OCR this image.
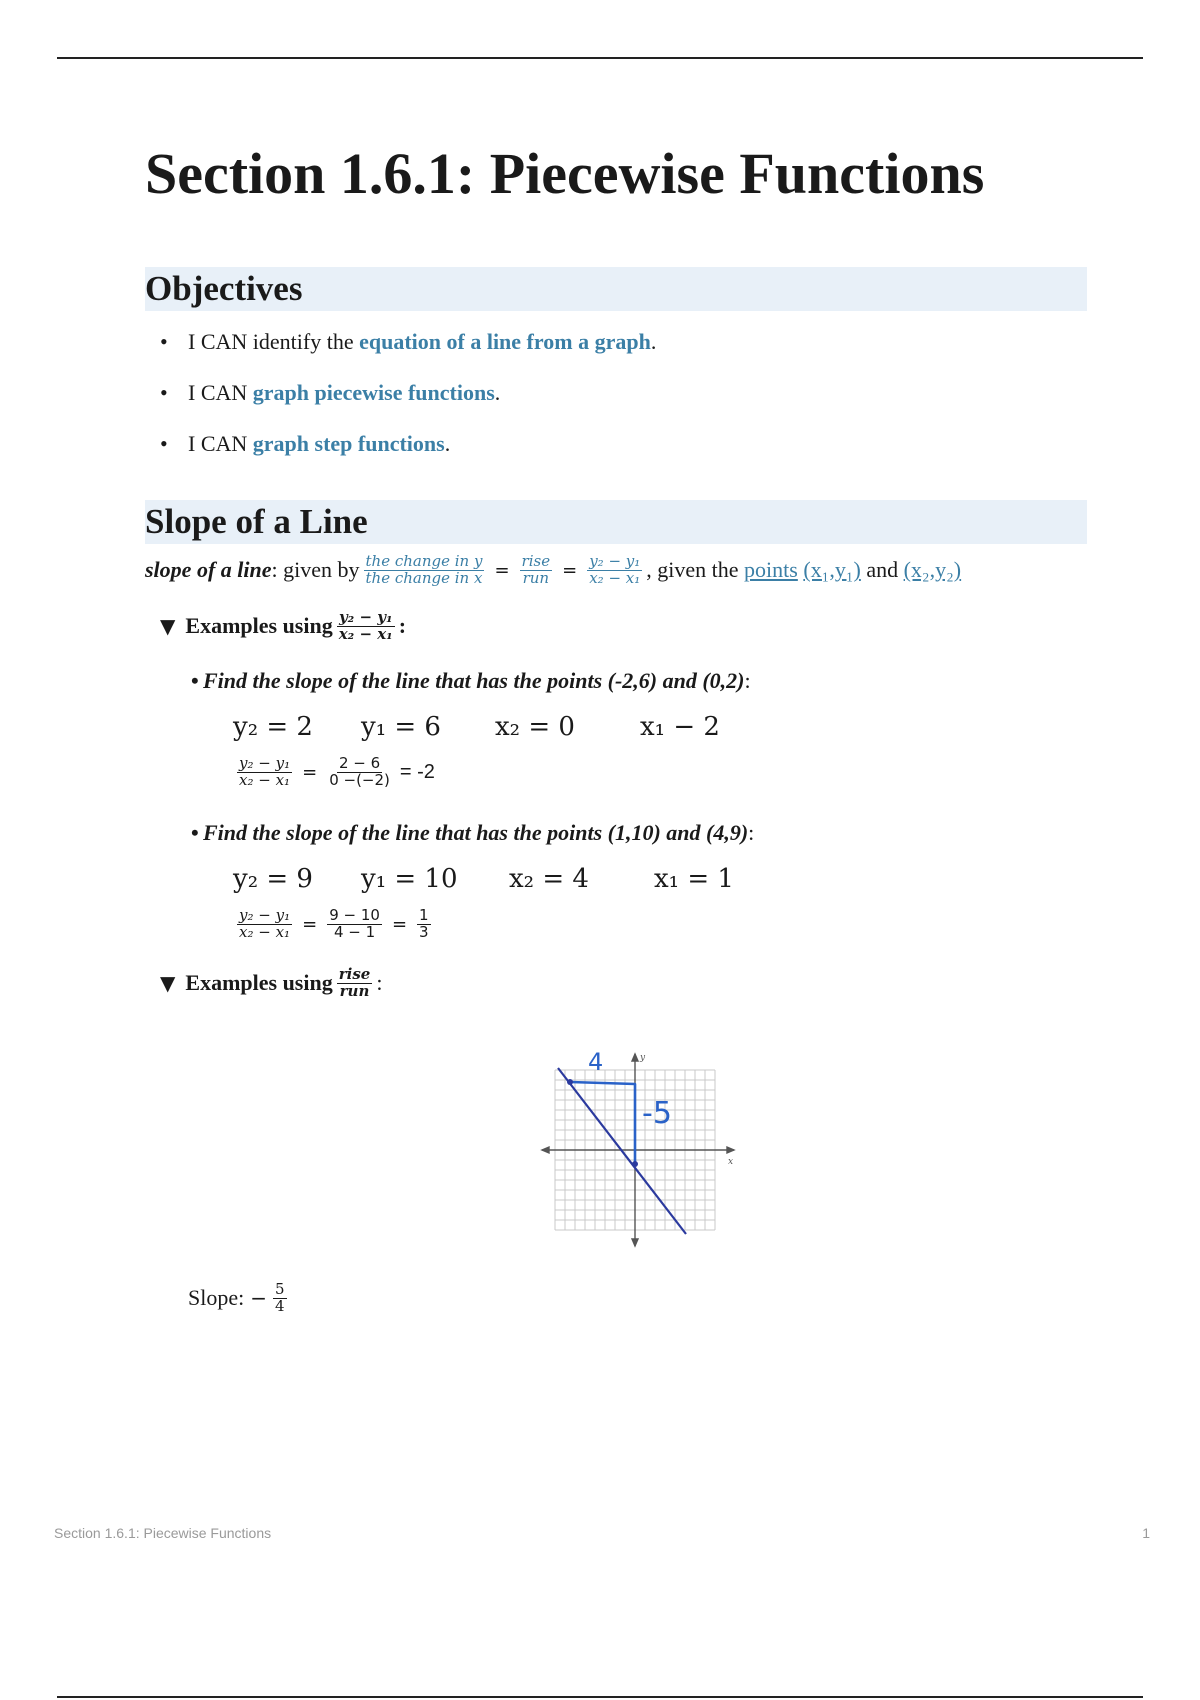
Section 1.6.1: Piecewise Functions
Objectives
• I CAN identify the equation of a line from a graph.
• I CAN graph piecewise functions.
• I CAN graph step functions.
Slope of a Line
slope of a line : given by $\frac{\text{the change in y}}{\text{the change in x}} = \frac{\text{rise}}{\text{run}} = \frac{\text{y₂ − y₁}}{\text{x₂ − x₁}}$ , given the
points
(x₁,y₁)
and
(x₂,y₂)
▼ Examples using $\frac{\text{y₂ − y₁}}{\text{x₂ − x₁}}$ :
• Find the slope of the line that has the points (-2,6) and (0,2):
y₂ = 2 y₁ = 6 x₂ = 0	x₁ − 2
$\frac{\text{y₂ − y₁}}{\text{x₂ − x₁}} = \frac{2 - 6}{0 -(-2)} = -2$
• Find the slope of the line that has the points (1,10) and (4,9):
y₂ = 9 y₁ = 10 x₂ = 4	x₁ = 1
$\frac{\text{y₂ − y₁}}{\text{x₂ − x₁}} = \frac{9 - 10}{4 - 1} = \frac{1}{3}$
▼ Examples using $\frac{\text{rise}}{\text{run}}$ :
x
y
4
-5
Slope: − $\frac{5}{4}$
Section 1.6.1: Piecewise Functions	1
